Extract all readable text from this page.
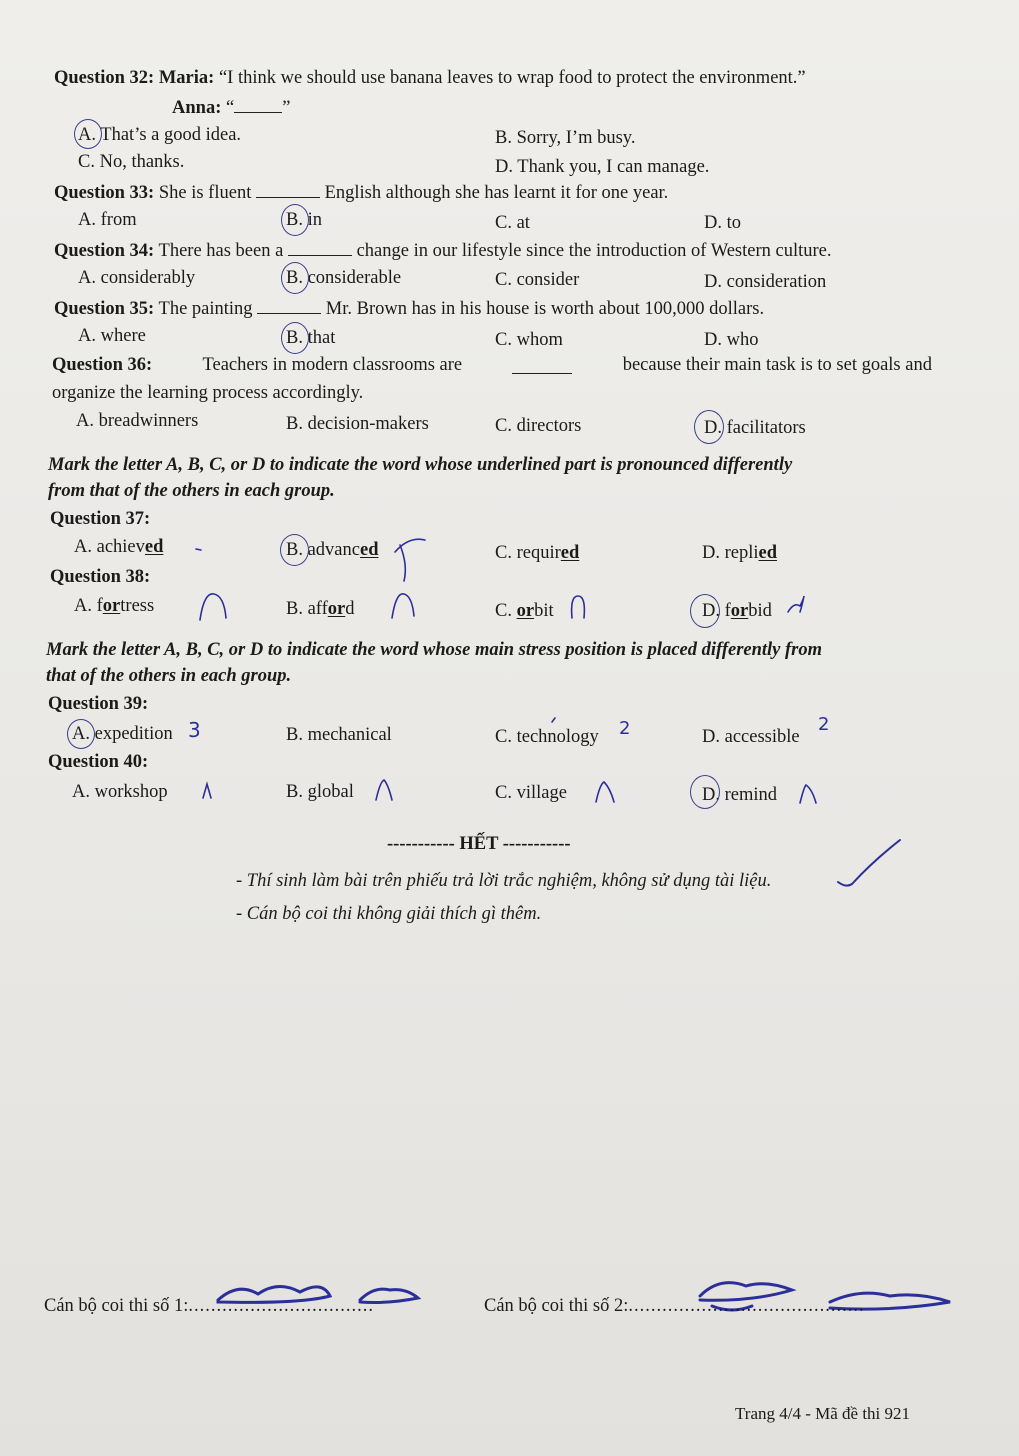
Question 32: Maria: “I think we should use banana leaves to wrap food to protect the environment.”
Anna: “	”
A. That’s a good idea.	B. Sorry, I’m busy.
C. No, thanks.	D. Thank you, I can manage.
Question 33: She is fluent	English although she has learnt it for one year.
A. from	B. in	C. at	D. to
Question 34: There has been a	change in our lifestyle since the introduction of Western culture.
A. considerably	B. considerable	C. consider	D. consideration
Question 35: The painting	Mr. Brown has in his house is worth about 100,000 dollars.
A. where	B. that	C. whom	D. who
Question 36:	Teachers in modern classrooms are	because their main task is to set goals and
organize the learning process accordingly.
A. breadwinners	B. decision-makers	C. directors	D. facilitators
Mark the letter A, B, C, or D to indicate the word whose underlined part is pronounced differently
from that of the others in each group.
Question 37:
A. achieved	B. advanced	C. required	D. replied
Question 38:
A. fortress	B. afford	C. orbit	D. forbid
Mark the letter A, B, C, or D to indicate the word whose main stress position is placed differently from
that of the others in each group.
Question 39:
A. expedition	B. mechanical	C. technology	D. accessible
3	2	2
Question 40:
A. workshop	B. global	C. village	D. remind
----------- HẾT -----------
- Thí sinh làm bài trên phiếu trả lời trắc nghiệm, không sử dụng tài liệu.
- Cán bộ coi thi không giải thích gì thêm.
Cán bộ coi thi số 1:.................................	Cán bộ coi thi số 2:..........................................
Trang 4/4 - Mã đề thi 921
